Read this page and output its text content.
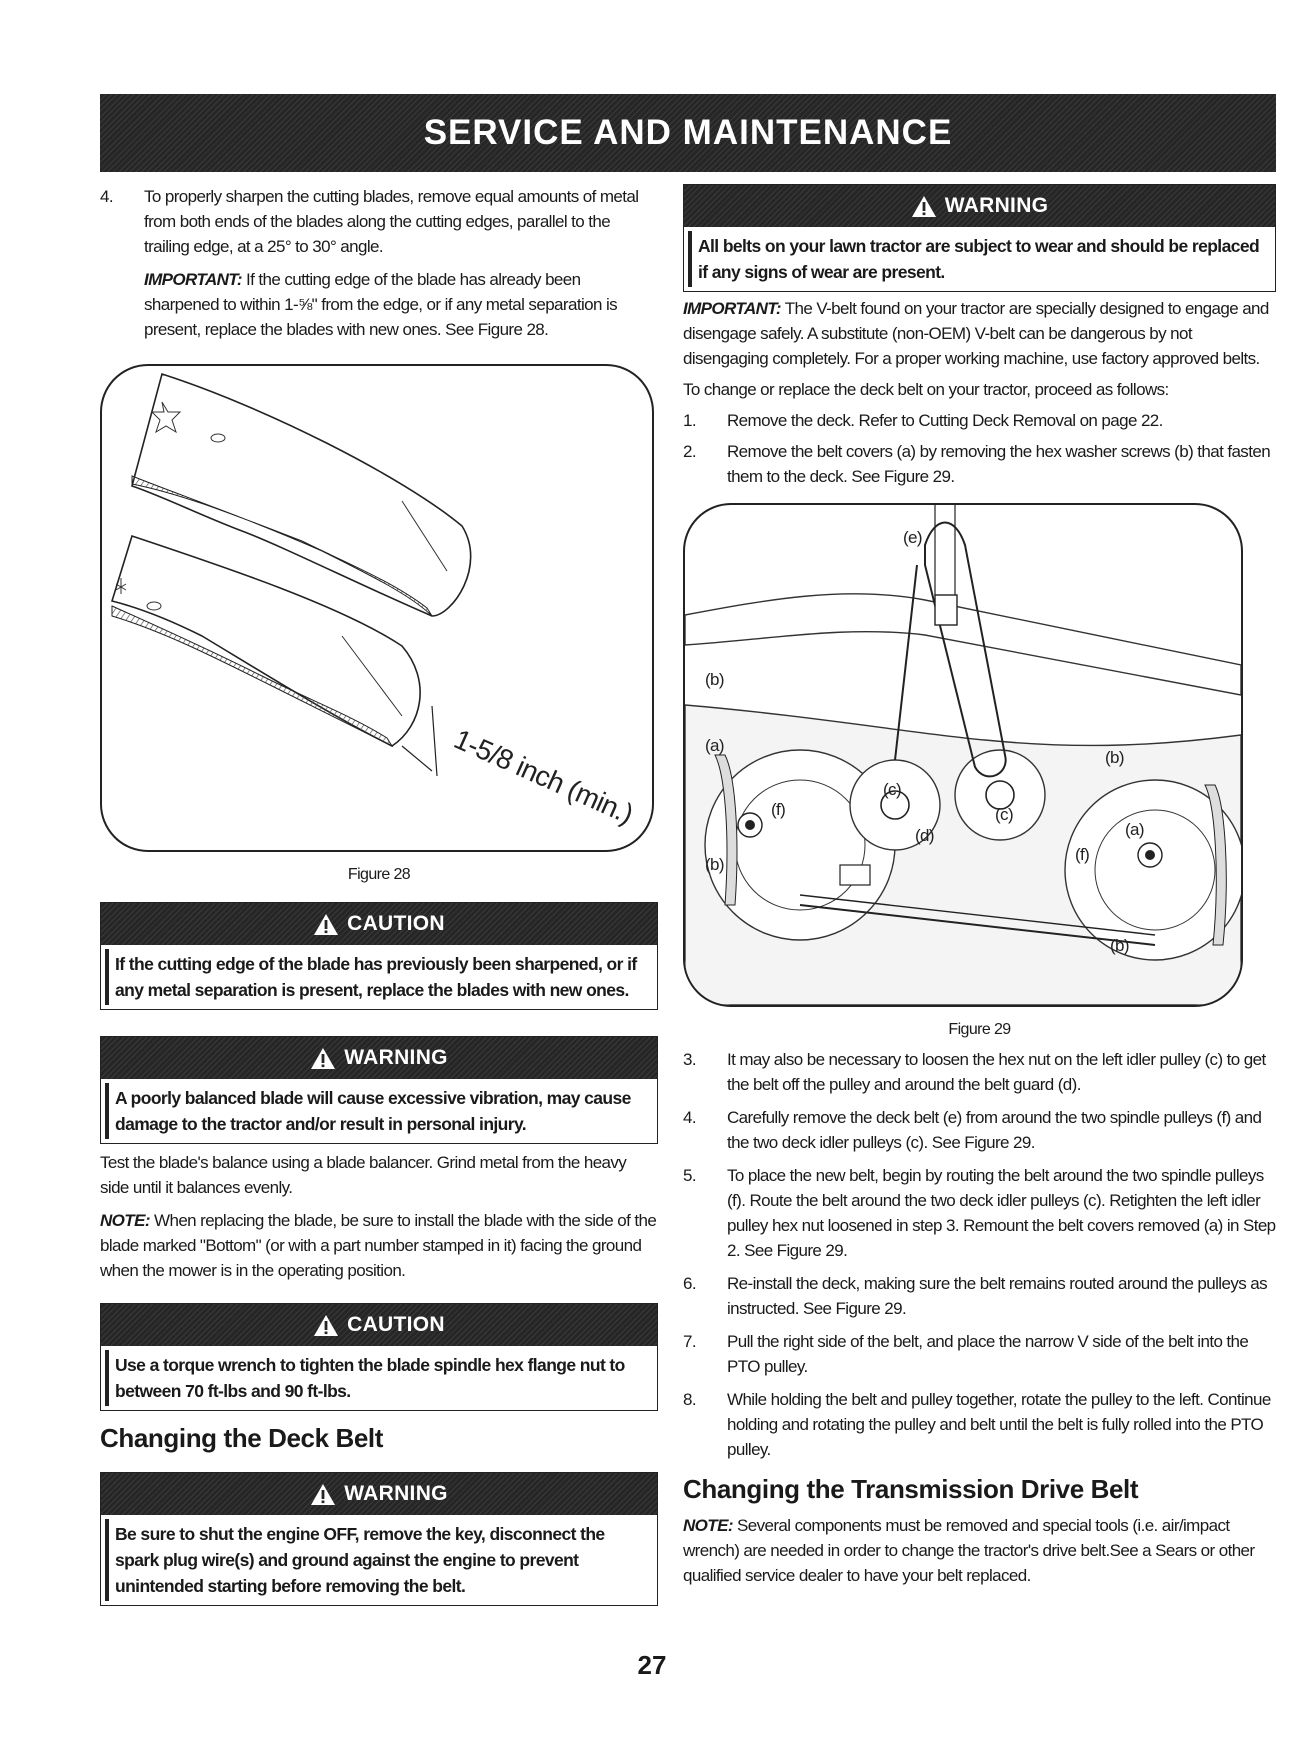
SERVICE AND MAINTENANCE
4. To properly sharpen the cutting blades, remove equal amounts of metal from both ends of the blades along the cutting edges, parallel to the trailing edge, at a 25° to 30° angle.

IMPORTANT: If the cutting edge of the blade has already been sharpened to within 1-⅝" from the edge, or if any metal separation is present, replace the blades with new ones. See Figure 28.

1-5/8 inch (min.)

Figure 28

CAUTION

If the cutting edge of the blade has previously been sharpened, or if any metal separation is present, replace the blades with new ones.

WARNING

A poorly balanced blade will cause excessive vibration, may cause damage to the tractor and/or result in personal injury.

Test the blade's balance using a blade balancer. Grind metal from the heavy side until it balances evenly.

NOTE: When replacing the blade, be sure to install the blade with the side of the blade marked "Bottom" (or with a part number stamped in it) facing the ground when the mower is in the operating position.

CAUTION

Use a torque wrench to tighten the blade spindle hex flange nut to between 70 ft-lbs and 90 ft-lbs.

Changing the Deck Belt
WARNING

Be sure to shut the engine OFF, remove the key, disconnect the spark plug wire(s) and ground against the engine to prevent unintended starting before removing the belt.

WARNING

All belts on your lawn tractor are subject to wear and should be replaced if any signs of wear are present.

IMPORTANT: The V-belt found on your tractor are specially designed to engage and disengage safely. A substitute (non-OEM) V-belt can be dangerous by not disengaging completely. For a proper working machine, use factory approved belts.

To change or replace the deck belt on your tractor, proceed as follows:

1. Remove the deck. Refer to Cutting Deck Removal on page 22.

2. Remove the belt covers (a) by removing the hex washer screws (b) that fasten them to the deck. See Figure 29.

(e)
(b)
(a)
(f)
(b)
(c)
(d)
(c)
(b)
(a)
(f)
(b)

Figure 29

3. It may also be necessary to loosen the hex nut on the left idler pulley (c) to get the belt off the pulley and around the belt guard (d).

4. Carefully remove the deck belt (e) from around the two spindle pulleys (f) and the two deck idler pulleys (c). See Figure 29.

5. To place the new belt, begin by routing the belt around the two spindle pulleys (f). Route the belt around the two deck idler pulleys (c). Retighten the left idler pulley hex nut loosened in step 3. Remount the belt covers removed (a) in Step 2. See Figure 29.

6. Re-install the deck, making sure the belt remains routed around the pulleys as instructed. See Figure 29.

7. Pull the right side of the belt, and place the narrow V side of the belt into the PTO pulley.

8. While holding the belt and pulley together, rotate the pulley to the left. Continue holding and rotating the pulley and belt until the belt is fully rolled into the PTO pulley.

Changing the Transmission Drive Belt

NOTE: Several components must be removed and special tools (i.e. air/impact wrench) are needed in order to change the tractor's drive belt.See a Sears or other qualified service dealer to have your belt replaced.

27
